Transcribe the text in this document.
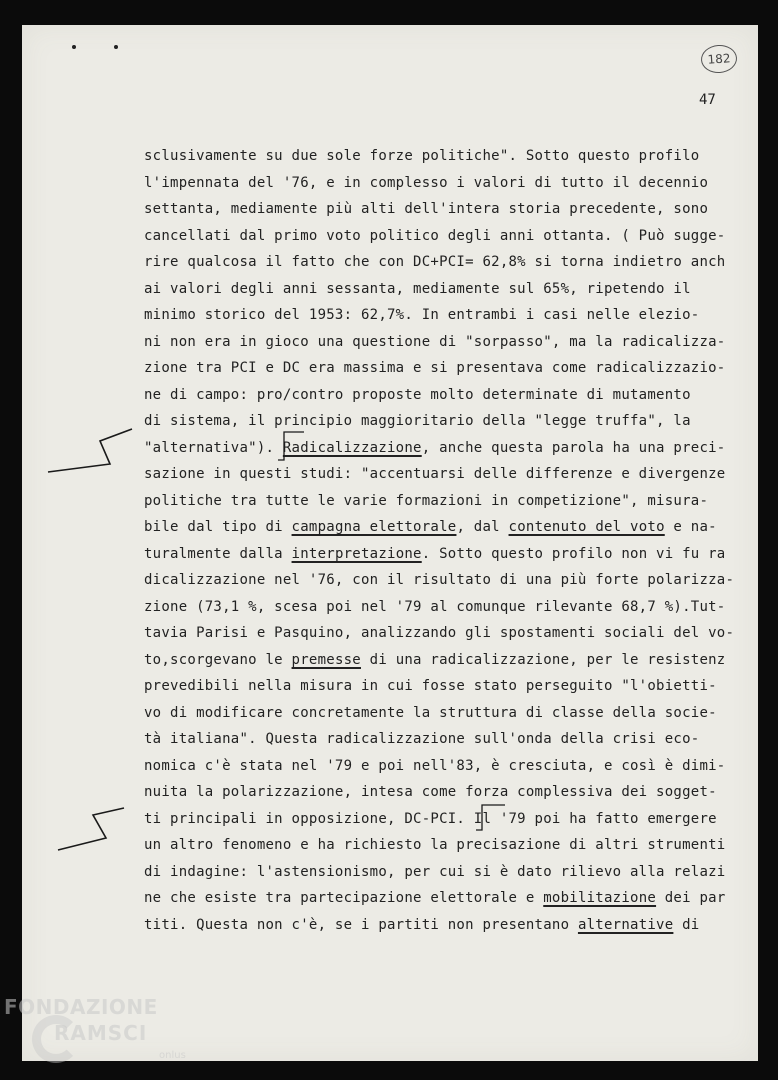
182
47
sclusivamente su due sole forze politiche". Sotto questo profilo
l'impennata del '76, e in complesso i valori di tutto il decennio
settanta, mediamente più alti dell'intera storia precedente, sono
cancellati dal primo voto politico degli anni ottanta. ( Può sugge-
rire qualcosa il fatto che con DC+PCI= 62,8% si torna indietro anch
ai valori degli anni sessanta, mediamente sul 65%, ripetendo il
minimo storico del 1953: 62,7%. In entrambi i casi nelle elezio-
ni non era in gioco una questione di "sorpasso", ma la radicalizza-
zione tra PCI e DC era massima e si presentava come radicalizzazio-
ne di campo: pro/contro proposte molto determinate di mutamento
di sistema, il principio maggioritario della "legge truffa", la
"alternativa"). Radicalizzazione, anche questa parola ha una preci-
sazione in questi studi: "accentuarsi delle differenze e divergenze
politiche tra tutte le varie formazioni in competizione", misura-
bile dal tipo di campagna elettorale, dal contenuto del voto e na-
turalmente dalla interpretazione. Sotto questo profilo non vi fu ra
dicalizzazione nel '76, con il risultato di una più forte polarizza-
zione (73,1 %, scesa poi nel '79 al comunque rilevante 68,7 %).Tut-
tavia Parisi e Pasquino, analizzando gli spostamenti sociali del vo-
to,scorgevano le premesse di una radicalizzazione, per le resistenz
prevedibili nella misura in cui fosse stato perseguito "l'obietti-
vo di modificare concretamente la struttura di classe della socie-
tà italiana". Questa radicalizzazione sull'onda della crisi eco-
nomica c'è stata nel '79 e poi nell'83, è cresciuta, e così è dimi-
nuita la polarizzazione, intesa come forza complessiva dei sogget-
ti principali in opposizione, DC-PCI. Il '79 poi ha fatto emergere
un altro fenomeno e ha richiesto la precisazione di altri strumenti
di indagine: l'astensionismo, per cui si è dato rilievo alla relazi
ne che esiste tra partecipazione elettorale e mobilitazione dei par
titi. Questa non c'è, se i partiti non presentano alternative di
FONDAZIONE
RAMSCI
onlus
